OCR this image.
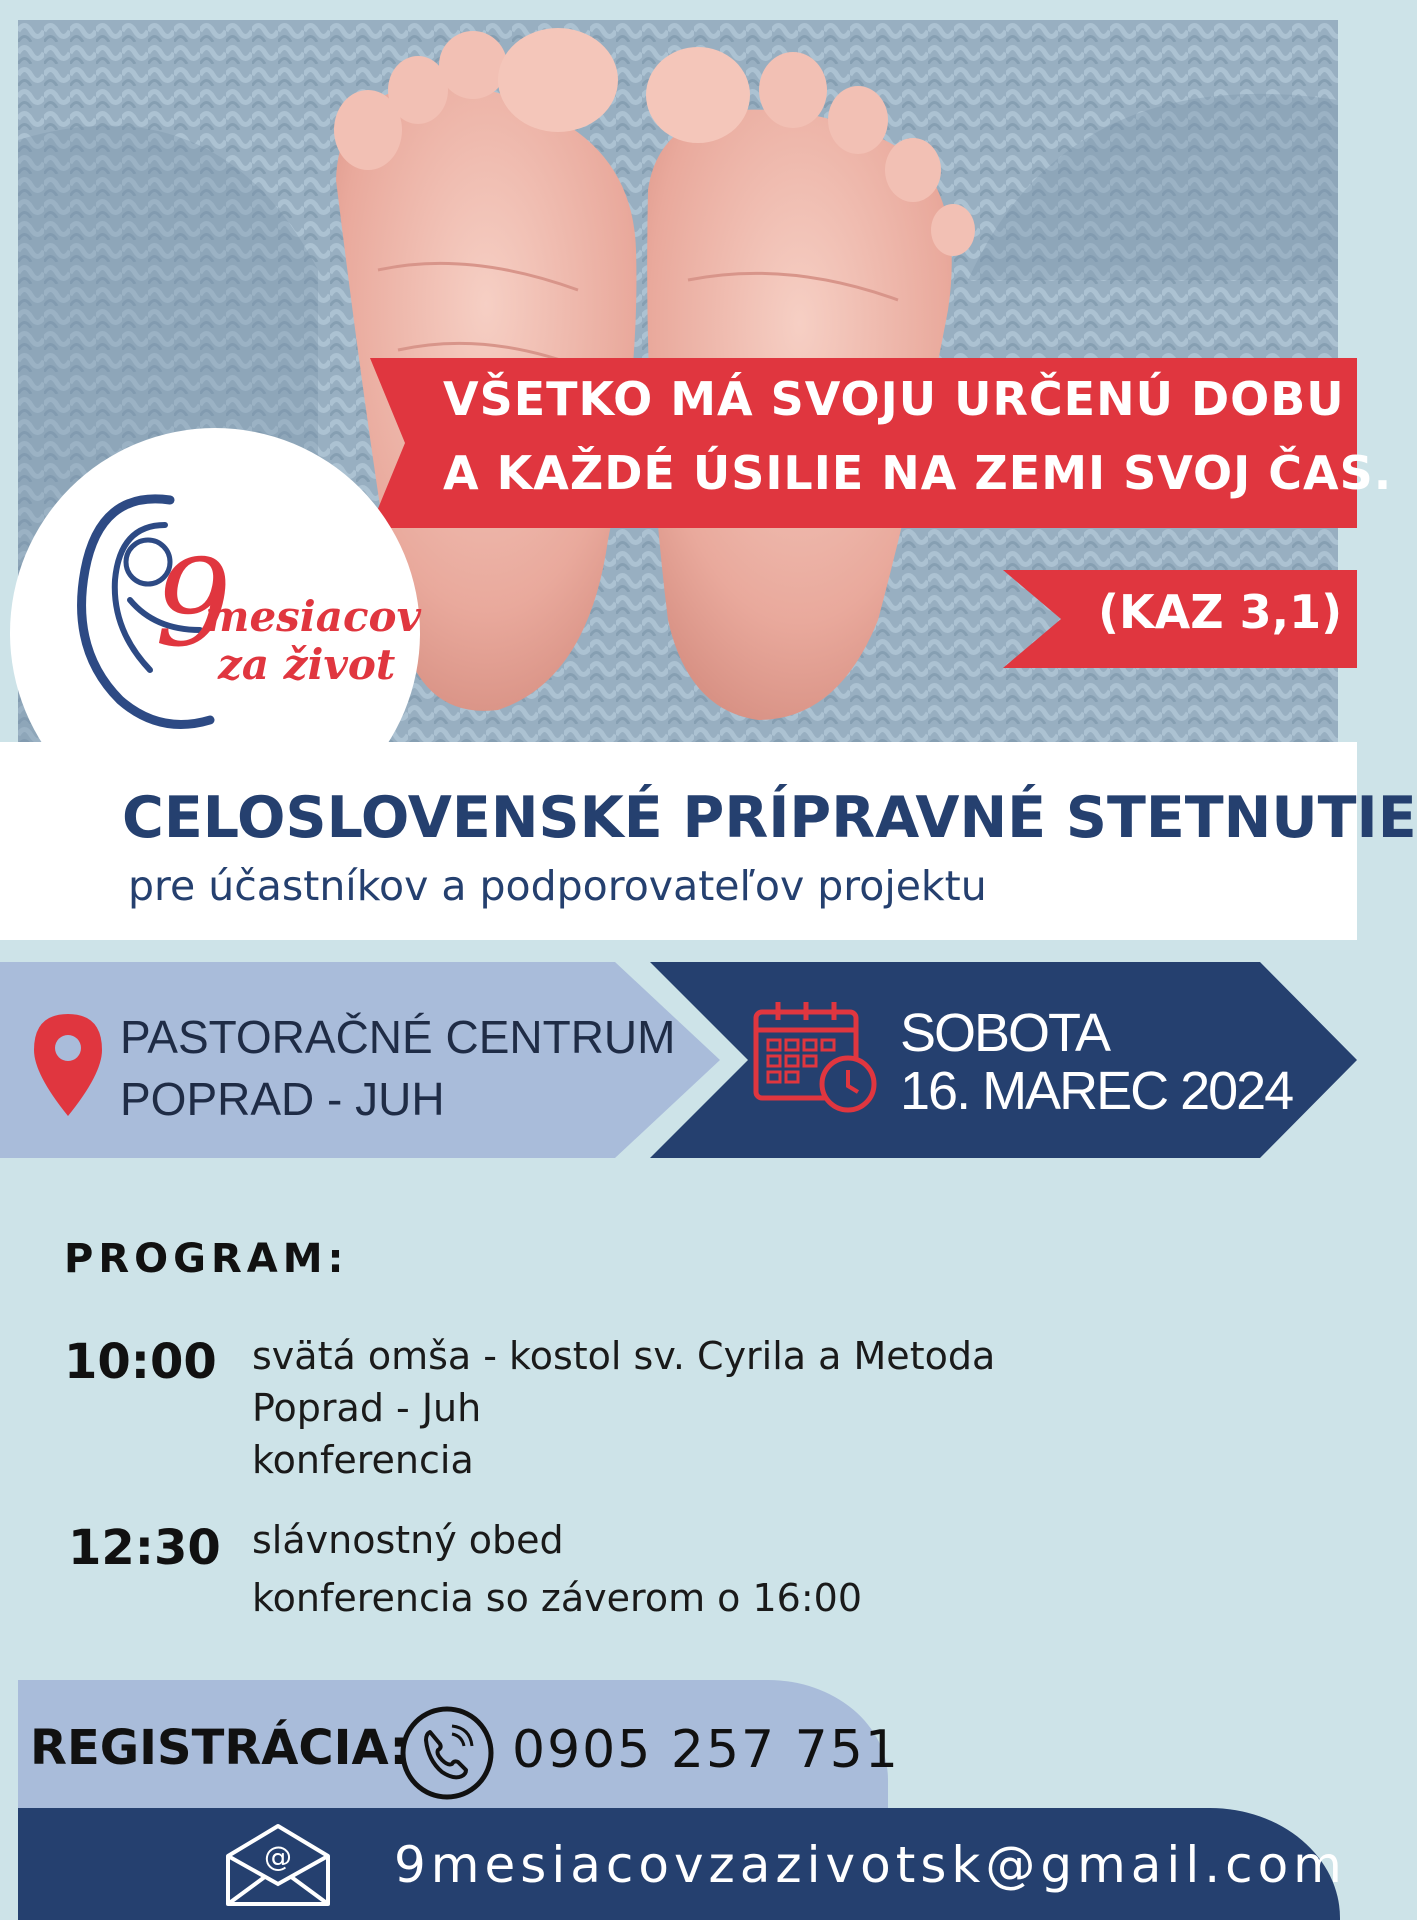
VŠETKO MÁ SVOJU URČENÚ DOBU
A KAŽDÉ ÚSILIE NA ZEMI SVOJ ČAS.
(KAZ 3,1)
9
mesiacov
za život
CELOSLOVENSKÉ PRÍPRAVNÉ STETNUTIE
pre účastníkov a podporovateľov projektu
PASTORAČNÉ CENTRUM
POPRAD - JUH
SOBOTA
16. MAREC 2024
PROGRAM:
10:00 svätá omša - kostol sv. Cyrila a Metoda
Poprad - Juh
konferencia
12:30 slávnostný obed
konferencia so záverom o 16:00
REGISTRÁCIA: 0905 257 751
@ 9mesiacovzazivotsk@gmail.com
